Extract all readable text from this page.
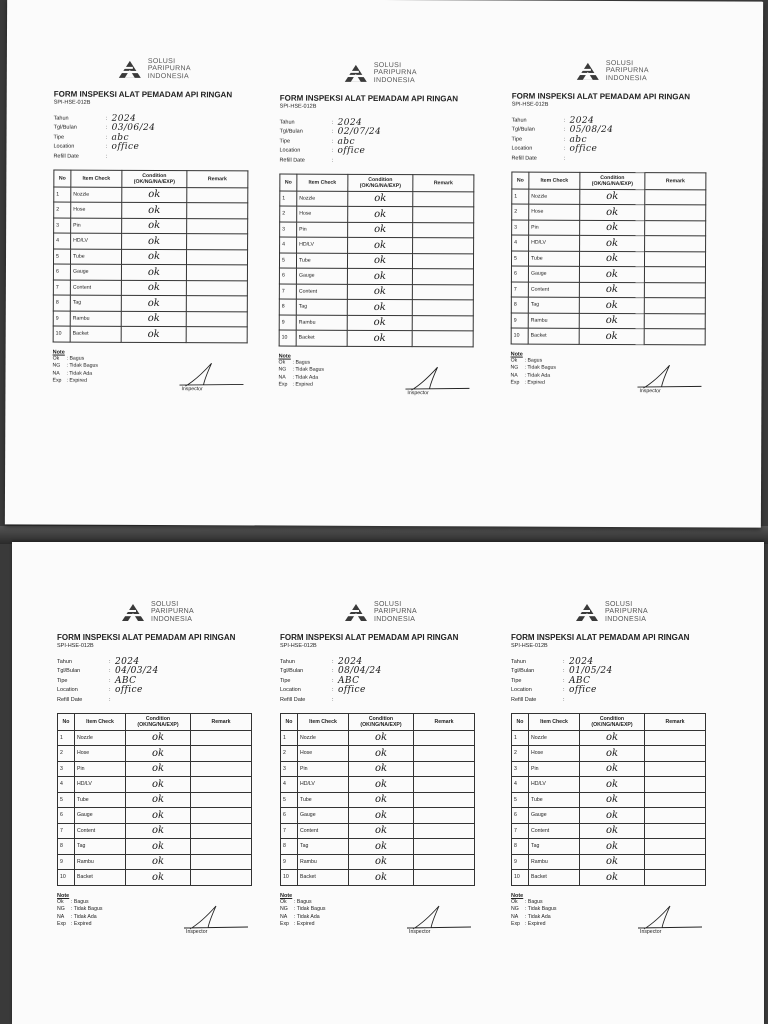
SOLUSI
PARIPURNA
INDONESIA
FORM INSPEKSI ALAT PEMADAM API RINGAN
SPI-HSE-012B
Tahun	: 2024
Tgl/Bulan	: 03/06/24
Tipe	: abc
Location	: office
Refill Date	:
No	Item Check	Condition (OK/NG/NA/EXP)	Remark
1	Nozzle	ok	
2	Hose	ok	
3	Pin	ok	
4	HD/LV	ok	
5	Tube	ok	
6	Gauge	ok	
7	Content	ok	
8	Tag	ok	
9	Rambu	ok	
10	Backet	ok	
Note
Ok	: Bagus
NG	: Tidak Bagus
NA	: Tidak Ada
Exp : Expired
Inspector
SOLUSI
PARIPURNA
INDONESIA
FORM INSPEKSI ALAT PEMADAM API RINGAN
SPI-HSE-012B
Tahun	: 2024
Tgl/Bulan	: 02/07/24
Tipe	: abc
Location	: office
Refill Date	:
No	Item Check	Condition (OK/NG/NA/EXP)	Remark
1	Nozzle	ok	
2	Hose	ok	
3	Pin	ok	
4	HD/LV	ok	
5	Tube	ok	
6	Gauge	ok	
7	Content	ok	
8	Tag	ok	
9	Rambu	ok	
10	Backet	ok	
Note
Ok	: Bagus
NG	: Tidak Bagus
NA	: Tidak Ada
Exp : Expired
Inspector
SOLUSI
PARIPURNA
INDONESIA
FORM INSPEKSI ALAT PEMADAM API RINGAN
SPI-HSE-012B
Tahun	: 2024
Tgl/Bulan	: 05/08/24
Tipe	: abc
Location	: office
Refill Date	:
No	Item Check	Condition (OK/NG/NA/EXP)	Remark
1	Nozzle	ok	
2	Hose	ok	
3	Pin	ok	
4	HD/LV	ok	
5	Tube	ok	
6	Gauge	ok	
7	Content	ok	
8	Tag	ok	
9	Rambu	ok	
10	Backet	ok	
Note
Ok	: Bagus
NG	: Tidak Bagus
NA	: Tidak Ada
Exp : Expired
Inspector
SOLUSI
PARIPURNA
INDONESIA
FORM INSPEKSI ALAT PEMADAM API RINGAN
SPI-HSE-012B
Tahun	: 2024
Tgl/Bulan	: 04/03/24
Tipe	: ABC
Location	: office
Refill Date	:
No	Item Check	Condition (OK/NG/NA/EXP)	Remark
1	Nozzle	ok	
2	Hose	ok	
3	Pin	ok	
4	HD/LV	ok	
5	Tube	ok	
6	Gauge	ok	
7	Content	ok	
8	Tag	ok	
9	Rambu	ok	
10	Backet	ok	
Note
Ok	: Bagus
NG	: Tidak Bagus
NA	: Tidak Ada
Exp : Expired
Inspector
SOLUSI
PARIPURNA
INDONESIA
FORM INSPEKSI ALAT PEMADAM API RINGAN
SPI-HSE-012B
Tahun	: 2024
Tgl/Bulan	: 08/04/24
Tipe	: ABC
Location	: office
Refill Date	:
No	Item Check	Condition (OK/NG/NA/EXP)	Remark
1	Nozzle	ok	
2	Hose	ok	
3	Pin	ok	
4	HD/LV	ok	
5	Tube	ok	
6	Gauge	ok	
7	Content	ok	
8	Tag	ok	
9	Rambu	ok	
10	Backet	ok	
Note
Ok	: Bagus
NG	: Tidak Bagus
NA	: Tidak Ada
Exp : Expired
Inspector
SOLUSI
PARIPURNA
INDONESIA
FORM INSPEKSI ALAT PEMADAM API RINGAN
SPI-HSE-012B
Tahun	: 2024
Tgl/Bulan	: 01/05/24
Tipe	: ABC
Location	: office
Refill Date	:
No	Item Check	Condition (OK/NG/NA/EXP)	Remark
1	Nozzle	ok	
2	Hose	ok	
3	Pin	ok	
4	HD/LV	ok	
5	Tube	ok	
6	Gauge	ok	
7	Content	ok	
8	Tag	ok	
9	Rambu	ok	
10	Backet	ok	
Note
Ok	: Bagus
NG	: Tidak Bagus
NA	: Tidak Ada
Exp : Expired
Inspector
